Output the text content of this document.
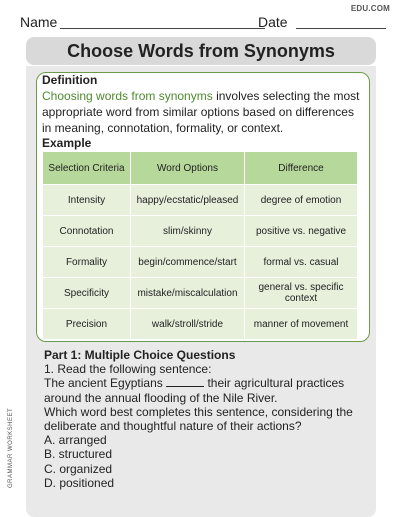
EDU.COM
Name	Date
Choose Words from Synonyms
Definition
Choosing words from synonyms involves selecting the most appropriate word from similar options based on differences in meaning, connotation, formality, or context.
Example
Selection Criteria	Word Options	Difference
Intensity	happy/ecstatic/pleased	degree of emotion
Connotation	slim/skinny	positive vs. negative
Formality	begin/commence/start	formal vs. casual
Specificity	mistake/miscalculation	general vs. specific context
Precision	walk/stroll/stride	manner of movement
Part 1: Multiple Choice Questions
1. Read the following sentence:
The ancient Egyptians	their agricultural practices around the annual flooding of the Nile River.
Which word best completes this sentence, considering the deliberate and thoughtful nature of their actions?
A. arranged
B. structured
C. organized
D. positioned
GRAMMAR WORKSHEET
